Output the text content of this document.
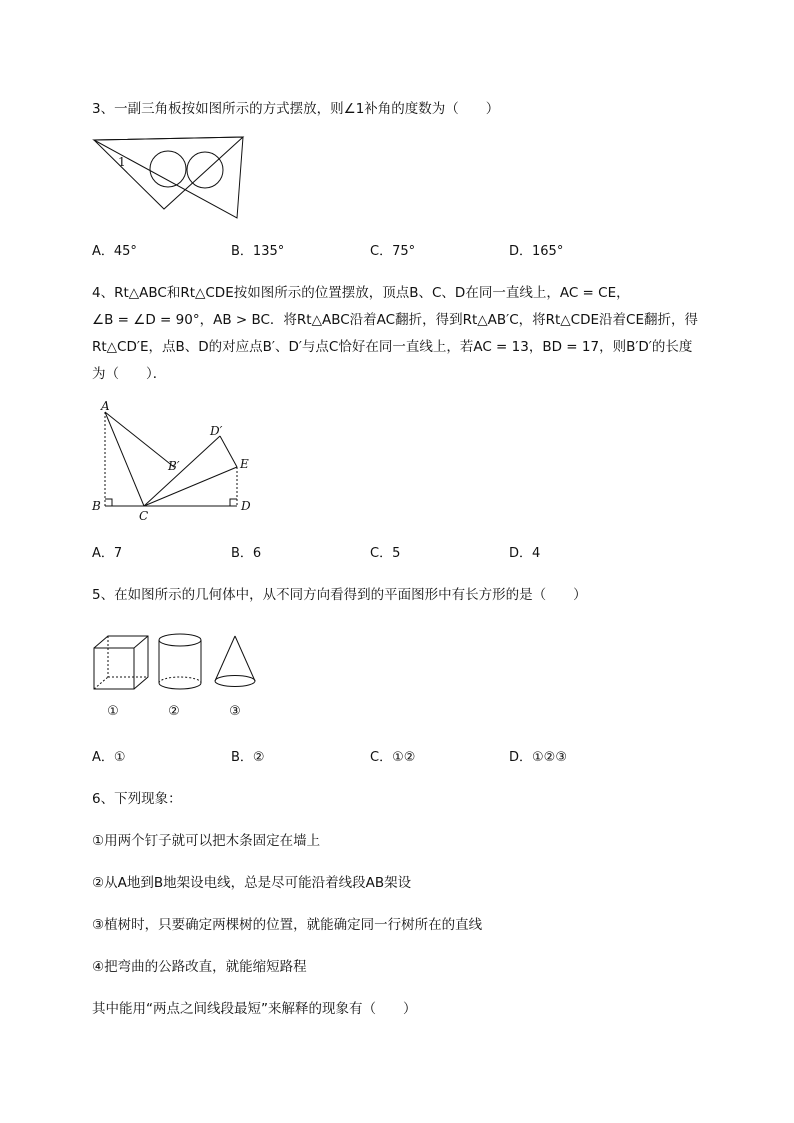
3、一副三角板按如图所示的方式摆放，则∠1补角的度数为（　　）
1
A．45°	B．135°	C．75°	D．165°
4、Rt△ABC和Rt△CDE按如图所示的位置摆放，顶点B、C、D在同一直线上，AC = CE，
∠B = ∠D = 90°，AB > BC．将Rt△ABC沿着AC翻折，得到Rt△AB′C，将Rt△CDE沿着CE翻折，得
Rt△CD′E，点B、D的对应点B′、D′与点C恰好在同一直线上，若AC = 13，BD = 17，则B′D′的长度
为（　　）．
A
B
C
D
E
B′
D′
A．7	B．6	C．5	D．4
5、在如图所示的几何体中，从不同方向看得到的平面图形中有长方形的是（　　）
①	②	③
A．①	B．②	C．①②	D．①②③
6、下列现象：
①用两个钉子就可以把木条固定在墙上
②从A地到B地架设电线，总是尽可能沿着线段AB架设
③植树时，只要确定两棵树的位置，就能确定同一行树所在的直线
④把弯曲的公路改直，就能缩短路程
其中能用“两点之间线段最短”来解释的现象有（　　）
